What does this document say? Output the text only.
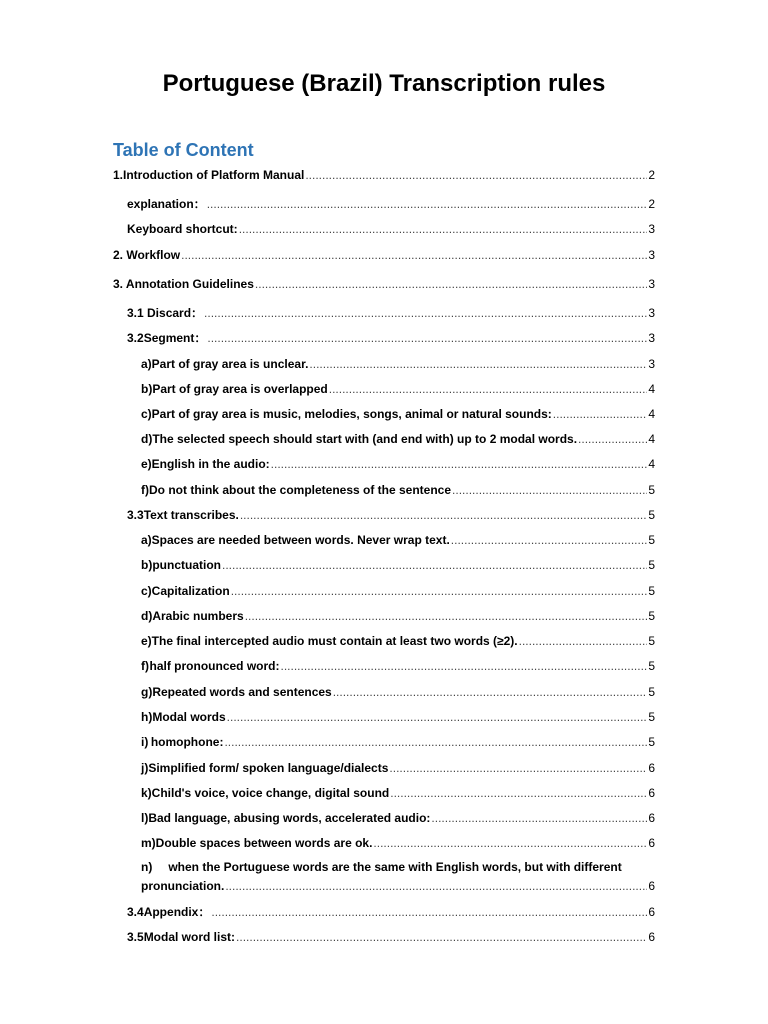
Portuguese (Brazil) Transcription rules
Table of Content
1. Introduction of Platform Manual .....	2
explanation： .....	2
Keyboard shortcut: .....	3
2. Workflow .....	3
3. Annotation Guidelines .....	3
3.1 Discard： .....	3
3.2 Segment： .....	3
a) Part of gray area is unclear. .....	3
b) Part of gray area is overlapped .....	4
c) Part of gray area is music, melodies, songs, animal or natural sounds: .....	4
d) The selected speech should start with (and end with) up to 2 modal words. .....	4
e) English in the audio: .....	4
f) Do not think about the completeness of the sentence .....	5
3.3 Text transcribes. .....	5
a) Spaces are needed between words. Never wrap text. .....	5
b) punctuation .....	5
c) Capitalization .....	5
d) Arabic numbers .....	5
e) The final intercepted audio must contain at least two words (≥2). .....	5
f) half pronounced word: .....	5
g) Repeated words and sentences .....	5
h) Modal words .....	5
i) homophone: .....	5
j) Simplified form/ spoken language/dialects .....	6
k) Child's voice, voice change, digital sound .....	6
l) Bad language, abusing words, accelerated audio: .....	6
m) Double spaces between words are ok. .....	6
n) when the Portuguese words are the same with English words, but with different
pronunciation. .....	6
3.4 Appendix： .....	6
3.5 Modal word list: .....	6
